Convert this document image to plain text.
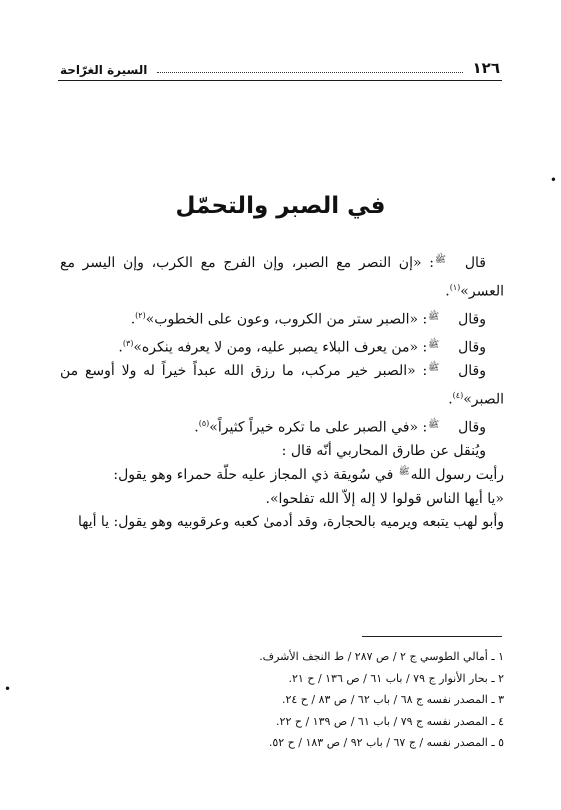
١٢٦
السيرة الغرّاحة
في الصبر والتحمّل

قالﷺ: «إن النصر مع الصبر، وإن الفرج مع الكرب، وإن اليسر مع العسر»$^{(١)}$.

وقالﷺ: «الصبر ستر من الكروب، وعون على الخطوب»$^{(٢)}$.

وقالﷺ: «من يعرف البلاء يصبر عليه، ومن لا يعرفه ينكره»$^{(٣)}$.

وقالﷺ: «الصبر خير مركب، ما رزق الله عبداً خيراً له ولا أوسع من الصبر»$^{(٤)}$.

وقالﷺ: «في الصبر على ما تكره خيراً كثيراً»$^{(٥)}$.

ويُنقل عن طارق المحاربي أنّه قال :

رأيت رسول اللهﷺ في سُويقة ذي المجاز عليه حلّة حمراء وهو يقول:

«يا أيها الناس قولوا لا إله إلاّ الله تفلحوا».

وأبو لهب يتبعه ويرميه بالحجارة، وقد أدمىٰ كعبه وعرقوبيه وهو يقول: يا أيها

١ ـ أمالي الطوسي ج ٢ / ص ٢٨٧ / ط النجف الأشرف.

٢ ـ بحار الأنوار ج ٧٩ / باب ٦١ / ص ١٣٦ / ح ٢١.

٣ ـ المصدر نفسه ج ٦٨ / باب ٦٢ / ص ٨٣ / ح ٢٤.

٤ ـ المصدر نفسه ج ٧٩ / باب ٦١ / ص ١٣٩ / ح ٢٢.

٥ ـ المصدر نفسه / ج ٦٧ / باب ٩٢ / ص ١٨٣ / ح ٥٢.

•
•
